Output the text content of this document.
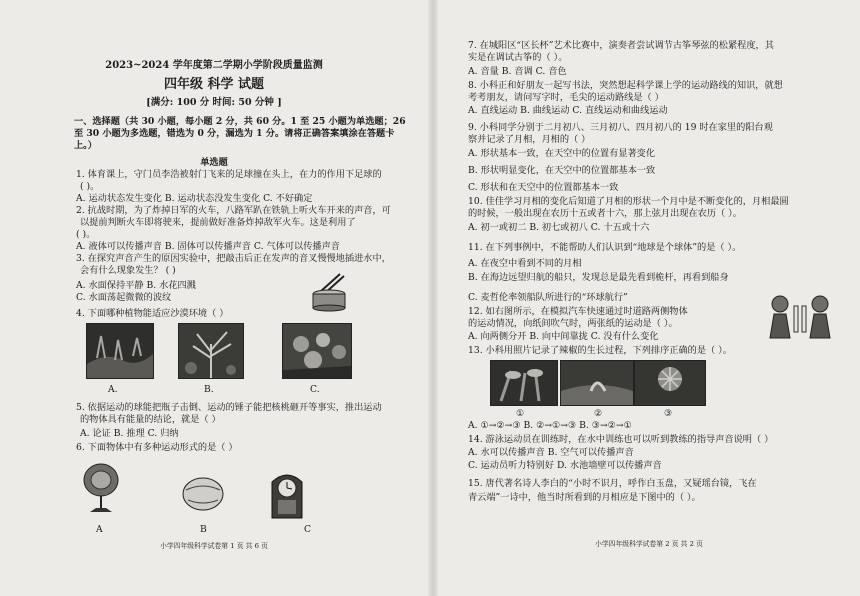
2023~2024 学年度第二学期小学阶段质量监测
四年级 科学 试题
[满分: 100 分 时间: 50 分钟 ]
一、选择题（共 30 小题，每小题 2 分，共 60 分。1 至 25 小题为单选题；26
至 30 小题为多选题，错选为 0 分，漏选为 1 分。请将正确答案填涂在答题卡
上。）
单选题
1. 体育课上，守门员李浩被射门飞来的足球撞在头上，在力的作用下足球的
( )。
A. 运动状态发生变化 B. 运动状态没发生变化 C. 不好确定
2. 抗战时期，为了炸掉日军的火车，八路军趴在铁轨上听火车开来的声音，可
以提前判断火车即将驶来，提前做好准备炸掉敌军火车。这是利用了
( )。
A. 液体可以传播声音 B. 固体可以传播声音 C. 气体可以传播声音
3. 在探究声音产生的原因实验中，把敲击后正在发声的音叉慢慢地插进水中，
会有什么现象发生？ ( )
A. 水面保持平静 B. 水花四溅
C. 水面荡起微微的波纹
4. 下面哪种植物能适应沙漠环境（ ）
A.	B.	C.
5. 依据运动的球能把瓶子击倒、运动的锤子能把核桃砸开等事实，推出运动
的物体具有能量的结论，就是（ ）
A. 论证 B. 推理 C. 归纳
6. 下面物体中有多种运动形式的是（ ）
A	B	C
小学四年级科学试卷第 1 页 共 6 页
7. 在城阳区“区长杯”艺术比赛中，演奏者尝试调节古筝琴弦的松紧程度，其
实是在调试古筝的（ ）。
A. 音量 B. 音调 C. 音色
8. 小科正和好朋友一起写书法，突然想起科学课上学的运动路线的知识，就想
考考朋友，请问写字时，毛尖的运动路线是（ ）
A. 直线运动 B. 曲线运动 C. 直线运动和曲线运动
9. 小科同学分别于二月初八、三月初八、四月初八的 19 时在家里的阳台观
察并记录了月相，月相的（ ）
A. 形状基本一致，在天空中的位置有显著变化
B. 形状明显变化，在天空中的位置都基本一致
C. 形状和在天空中的位置都基本一致
10. 佳佳学习月相的变化后知道了月相的形状一个月中是不断变化的，月相最圆
的时候，一般出现在农历十五或者十六，那上弦月出现在农历（ ）。
A. 初一或初二 B. 初七或初八 C. 十五或十六
11. 在下列事例中，不能帮助人们认识到“地球是个球体”的是（ ）。
A. 在夜空中看到不同的月相
B. 在海边远望归航的船只，发现总是最先看到桅杆，再看到船身
C. 麦哲伦率领船队所进行的“环球航行”
12. 如右图所示，在模拟汽车快速通过时道路两侧物体
的运动情况，向纸间吹气时，两张纸的运动是（ ）。
A. 向两侧分开 B. 向中间靠拢 C. 没有什么变化
13. 小科用照片记录了辣椒的生长过程，下列排序正确的是（ ）。
①	②	③
A. ①→②→③ B. ②→①→③ B. ③→②→①
14. 游泳运动员在训练时，在水中训练也可以听到教练的指导声音说明（ ）
A. 水可以传播声音 B. 空气可以传播声音
C. 运动员听力特别好 D. 水池墙壁可以传播声音
15. 唐代著名诗人李白的“小时不识月，呼作白玉盘，又疑瑶台镜，飞在
青云端”一诗中，他当时所看到的月相应是下图中的（ ）。
小学四年级科学试卷第 2 页 共 2 页
